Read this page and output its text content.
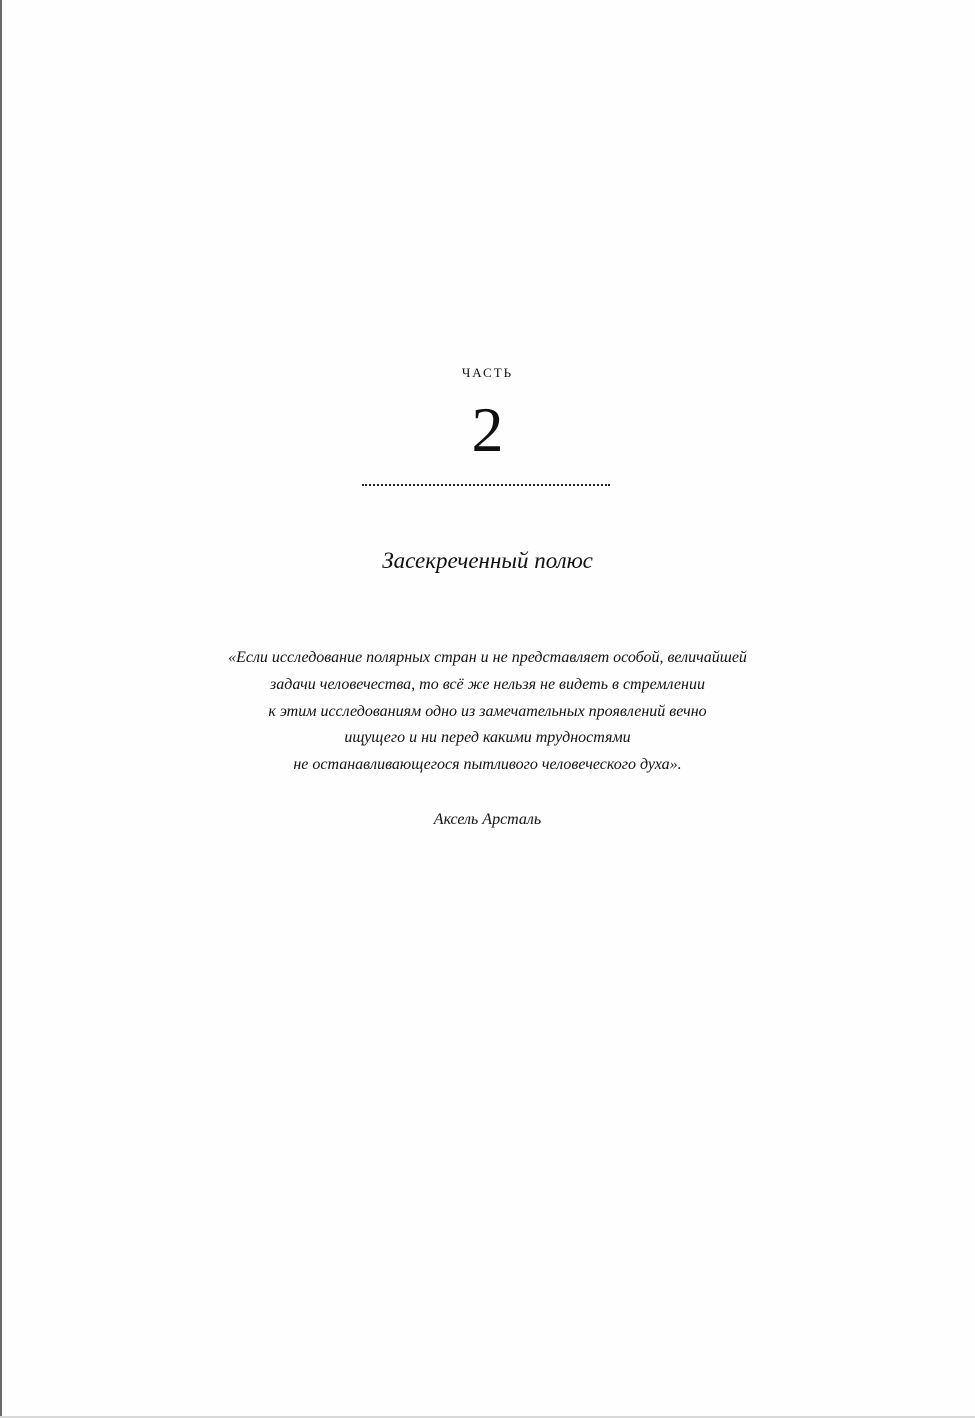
часть
2
Засекреченный полюс
«Если исследование полярных стран и не представляет особой, величайшей
задачи человечества, то всё же нельзя не видеть в стремлении
к этим исследованиям одно из замечательных проявлений вечно
ищущего и ни перед какими трудностями
не останавливающегося пытливого человеческого духа».
Аксель Арсталь
